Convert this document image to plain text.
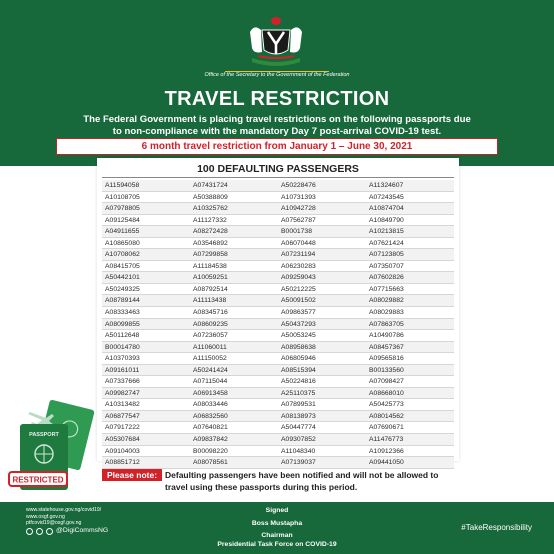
Office of the Secretary to the Government of the Federation
TRAVEL RESTRICTION
The Federal Government is placing travel restrictions on the following passports due
to non-compliance with the mandatory Day 7 post-arrival COVID-19 test.
6 month travel restriction from January 1 – June 30, 2021
100 DEFAULTING PASSENGERS
A11594058	A07431724	A50228476	A11324607
A10108705	A50388809	A10731393	A07243545
A07978805	A10325762	A10942728	A10874704
A09125484	A11127332	A07562787	A10849790
A04911655	A08272428	B0001738	A10213815
A10865080	A03546892	A06070448	A07621424
A10708062	A07299858	A07231194	A07123805
A08415705	A11184538	A06230283	A07350707
A50442101	A10059251	A09259043	A07602826
A50249325	A08792514	A50212225	A07715663
A08789144	A11113438	A50091502	A08029882
A08333463	A08345716	A09863577	A08029883
A08099855	A08609235	A50437293	A07863705
A50112648	A07236057	A50053245	A10490786
B00014780	A11060011	A08958638	A08457367
A10370393	A11150052	A06805946	A09565816
A09161011	A50241424	A08515394	B00133560
A07337666	A07115044	A50224816	A07098427
A09982747	A06913458	A25110375	A08668010
A10313482	A08033446	A07899531	A50425773
A06877547	A06832560	A08138973	A08014562
A07917222	A07640821	A50447774	A07690671
A05307684	A09837842	A09307852	A11476773
A09104003	B00098220	A11048340	A10912366
A08851712	A08078561	A07139037	A09441050
PASSPORT
RESTRICTED	Please note: Defaulting passengers have been notified and will not be allowed to travel using these passports during this period.
www.statehouse.gov.ng/covid19/
www.osgf.gov.ng
ptfcovid19@osgf.gov.ng
@DigiCommsNG
Signed
Boss Mustapha
Chairman
Presidential Task Force on COVID-19
#TakeResponsibility
